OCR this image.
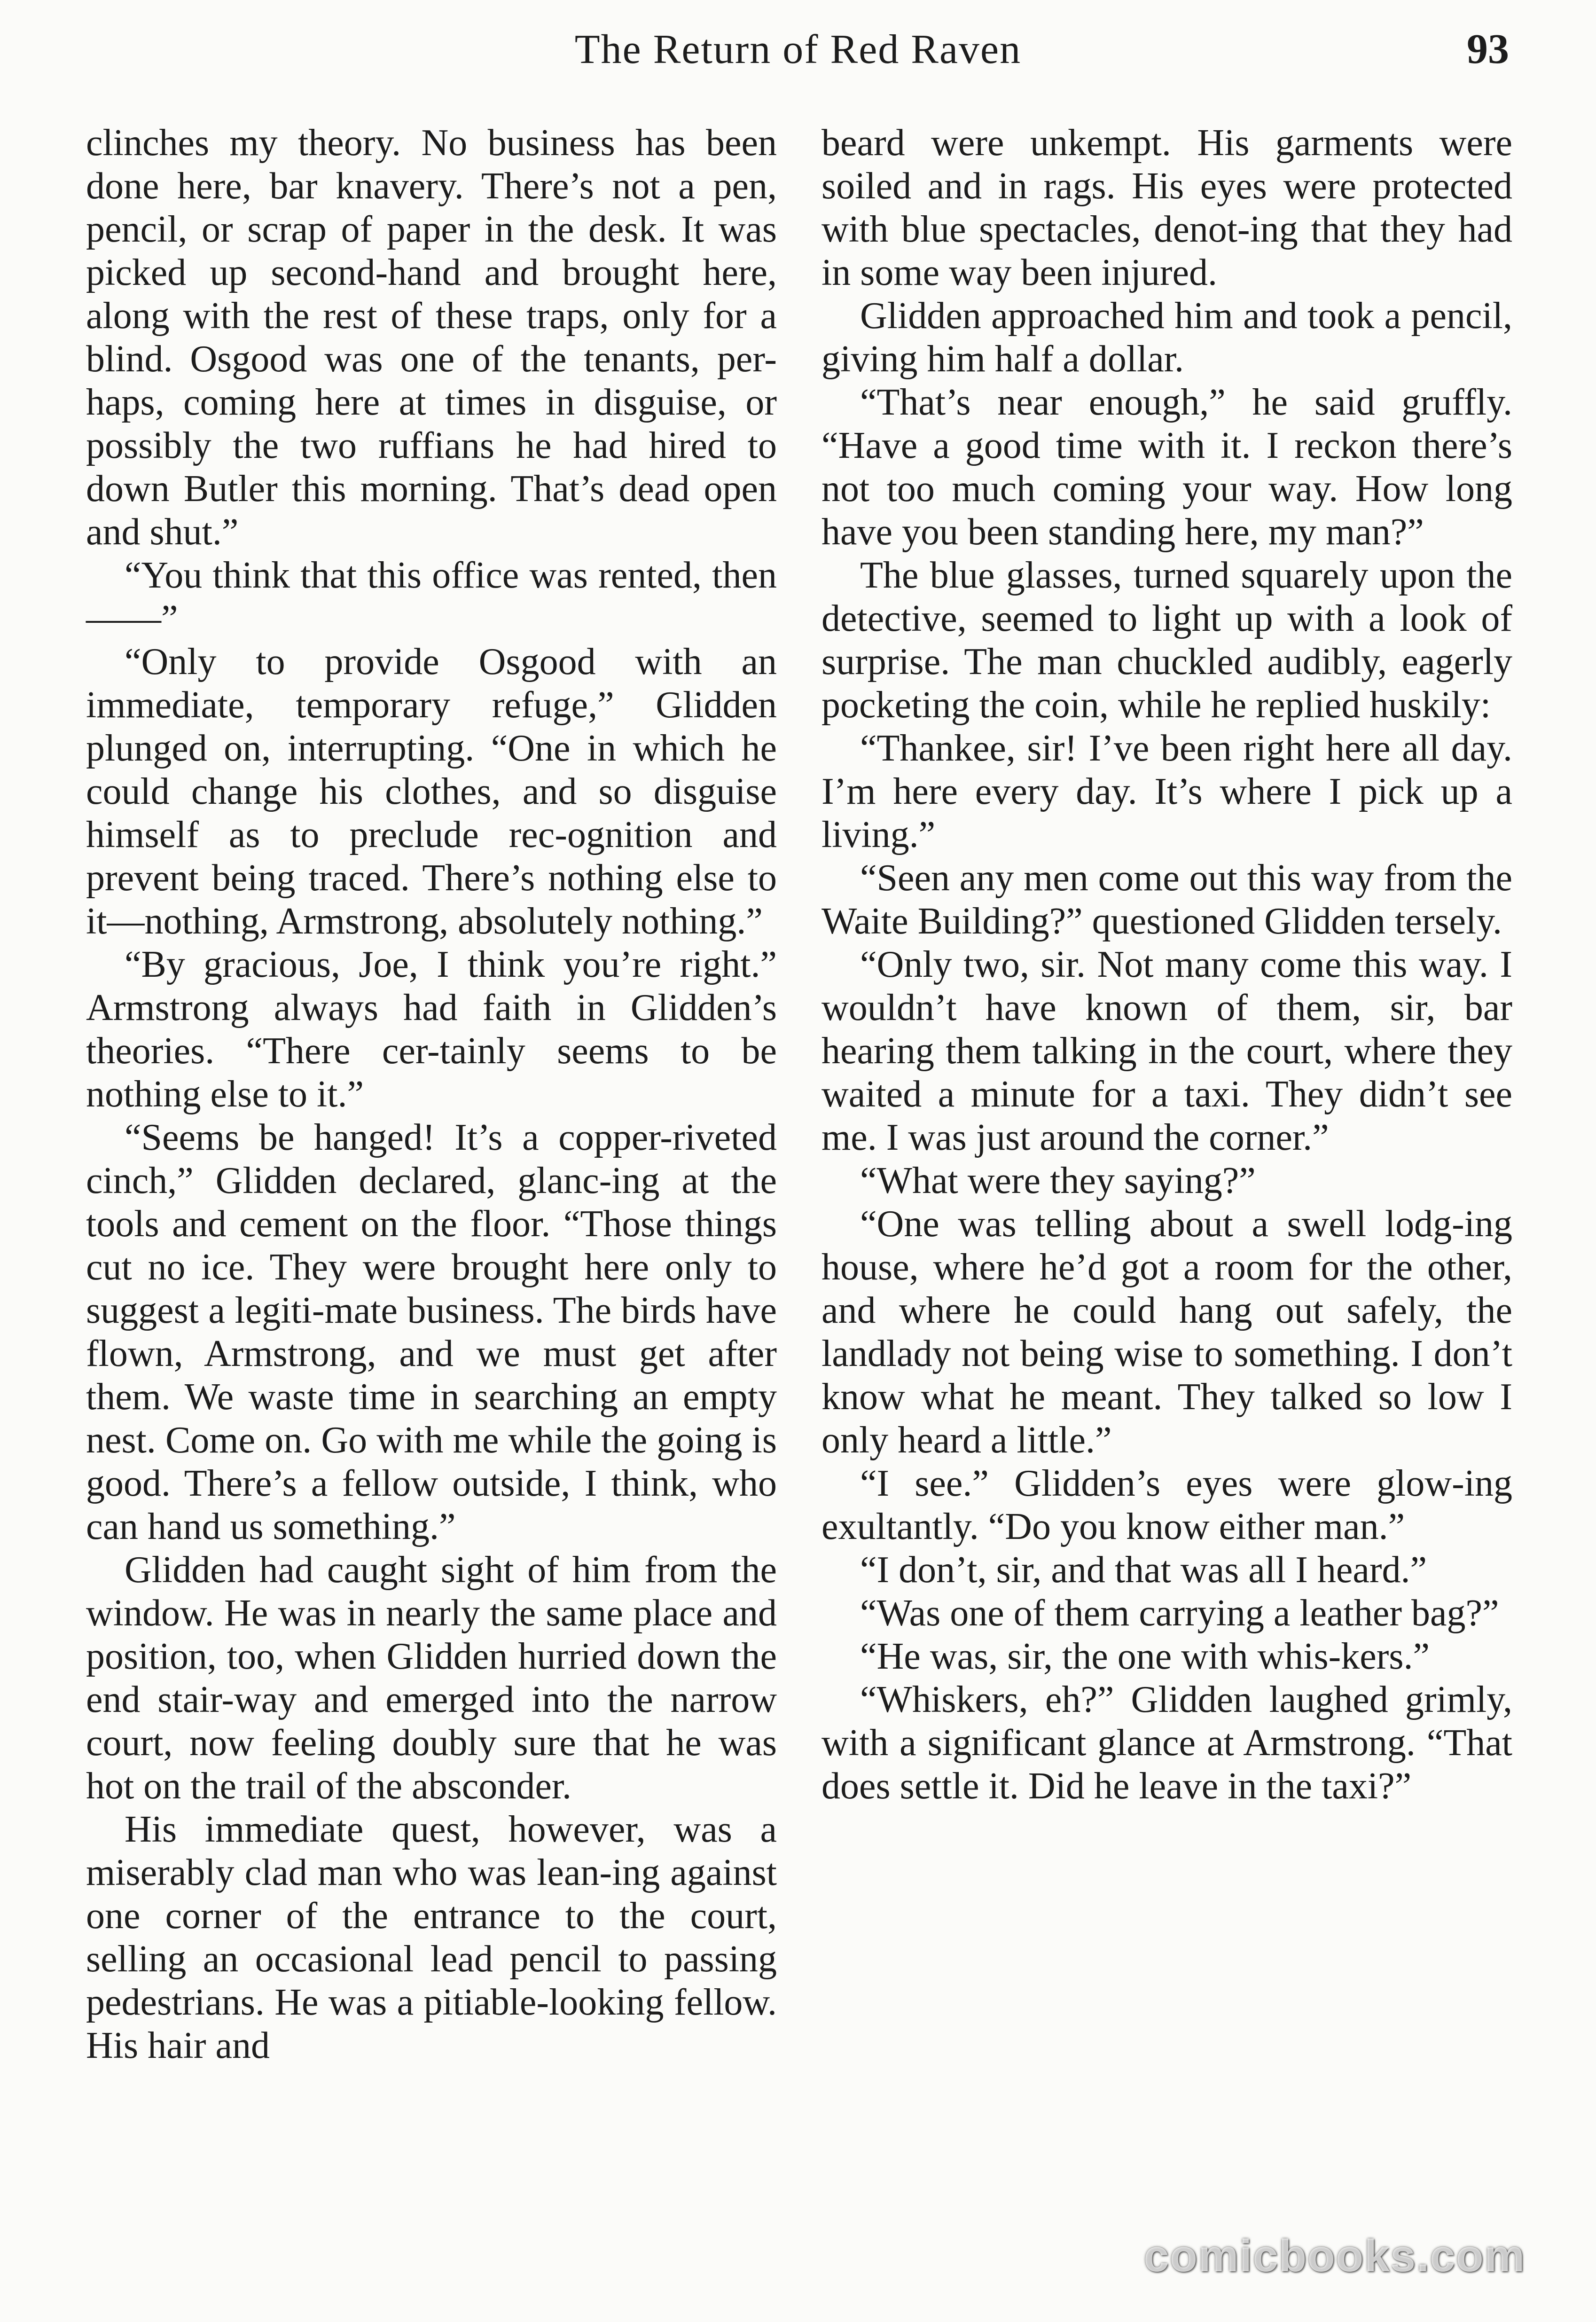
The Return of Red Raven	93

clinches my theory. No business has been done here, bar knavery. There’s not a pen, pencil, or scrap of paper in the desk. It was picked up second-hand and brought here, along with the rest of these traps, only for a blind. Osgood was one of the tenants, per-haps, coming here at times in disguise, or possibly the two ruffians he had hired to down Butler this morning. That’s dead open and shut.”

“You think that this office was rented, then——”

“Only to provide Osgood with an immediate, temporary refuge,” Glidden plunged on, interrupting. “One in which he could change his clothes, and so disguise himself as to preclude rec-ognition and prevent being traced. There’s nothing else to it—nothing, Armstrong, absolutely nothing.”

“By gracious, Joe, I think you’re right.” Armstrong always had faith in Glidden’s theories. “There cer-tainly seems to be nothing else to it.”

“Seems be hanged! It’s a copper-riveted cinch,” Glidden declared, glanc-ing at the tools and cement on the floor. “Those things cut no ice. They were brought here only to suggest a legiti-mate business. The birds have flown, Armstrong, and we must get after them. We waste time in searching an empty nest. Come on. Go with me while the going is good. There’s a fellow outside, I think, who can hand us something.”

Glidden had caught sight of him from the window. He was in nearly the same place and position, too, when Glidden hurried down the end stair-way and emerged into the narrow court, now feeling doubly sure that he was hot on the trail of the absconder.

His immediate quest, however, was a miserably clad man who was lean-ing against one corner of the entrance to the court, selling an occasional lead pencil to passing pedestrians. He was a pitiable-looking fellow. His hair and

beard were unkempt. His garments were soiled and in rags. His eyes were protected with blue spectacles, denot-ing that they had in some way been injured.

Glidden approached him and took a pencil, giving him half a dollar.

“That’s near enough,” he said gruffly. “Have a good time with it. I reckon there’s not too much coming your way. How long have you been standing here, my man?”

The blue glasses, turned squarely upon the detective, seemed to light up with a look of surprise. The man chuckled audibly, eagerly pocketing the coin, while he replied huskily:

“Thankee, sir! I’ve been right here all day. I’m here every day. It’s where I pick up a living.”

“Seen any men come out this way from the Waite Building?” questioned Glidden tersely.

“Only two, sir. Not many come this way. I wouldn’t have known of them, sir, bar hearing them talking in the court, where they waited a minute for a taxi. They didn’t see me. I was just around the corner.”

“What were they saying?”

“One was telling about a swell lodg-ing house, where he’d got a room for the other, and where he could hang out safely, the landlady not being wise to something. I don’t know what he meant. They talked so low I only heard a little.”

“I see.” Glidden’s eyes were glow-ing exultantly. “Do you know either man.”

“I don’t, sir, and that was all I heard.”

“Was one of them carrying a leather bag?”

“He was, sir, the one with whis-kers.”

“Whiskers, eh?” Glidden laughed grimly, with a significant glance at Armstrong. “That does settle it. Did he leave in the taxi?”

comicbooks.com
